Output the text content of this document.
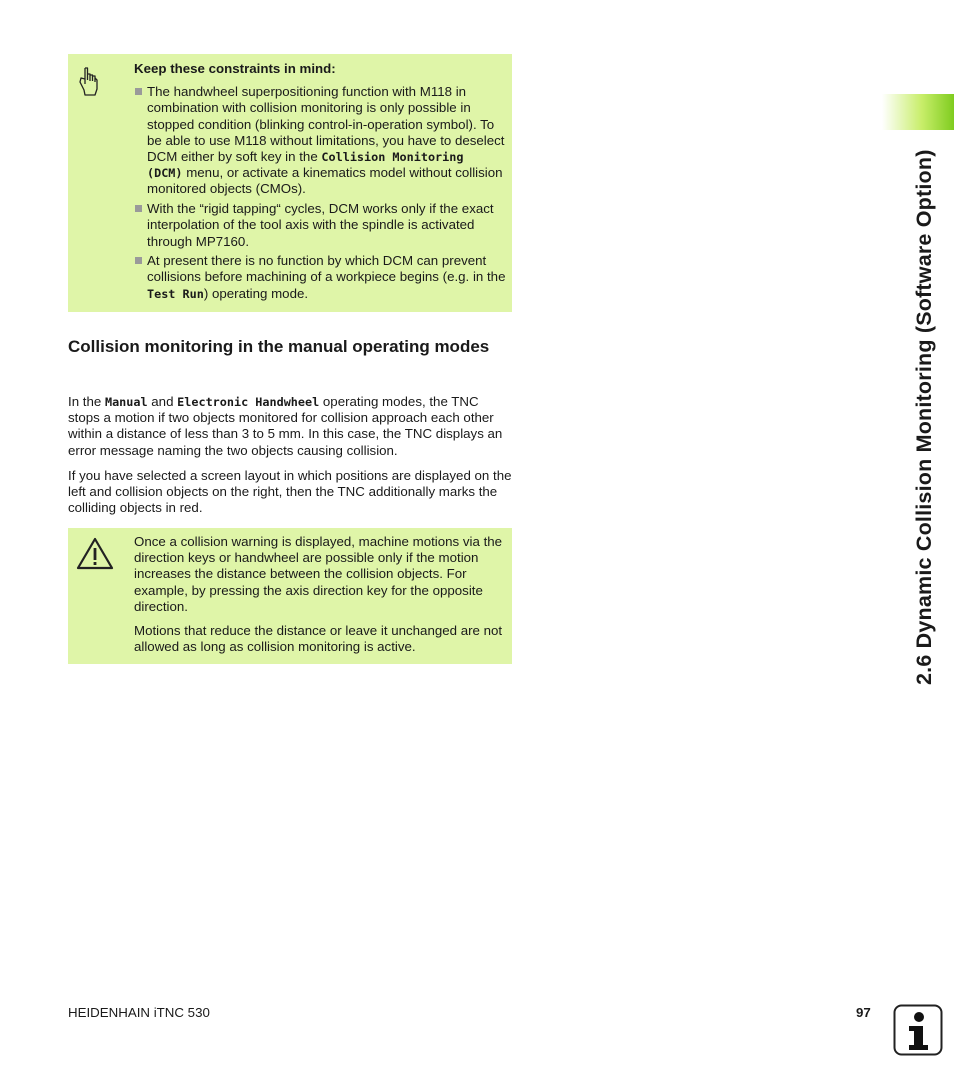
Keep these constraints in mind:
The handwheel superpositioning function with M118 in combination with collision monitoring is only possible in stopped condition (blinking control-in-operation symbol). To be able to use M118 without limitations, you have to deselect DCM either by soft key in the Collision Monitoring (DCM) menu, or activate a kinematics model without collision monitored objects (CMOs).
With the “rigid tapping“ cycles, DCM works only if the exact interpolation of the tool axis with the spindle is activated through MP7160.
At present there is no function by which DCM can prevent collisions before machining of a workpiece begins (e.g. in the Test Run) operating mode.
Collision monitoring in the manual operating modes
In the Manual and Electronic Handwheel operating modes, the TNC stops a motion if two objects monitored for collision approach each other within a distance of less than 3 to 5 mm. In this case, the TNC displays an error message naming the two objects causing collision.
If you have selected a screen layout in which positions are displayed on the left and collision objects on the right, then the TNC additionally marks the colliding objects in red.

Once a collision warning is displayed, machine motions via the direction keys or handwheel are possible only if the motion increases the distance between the collision objects. For example, by pressing the axis direction key for the opposite direction.

Motions that reduce the distance or leave it unchanged are not allowed as long as collision monitoring is active.	2.6 Dynamic Collision Monitoring (Software Option)
HEIDENHAIN iTNC 530	97
